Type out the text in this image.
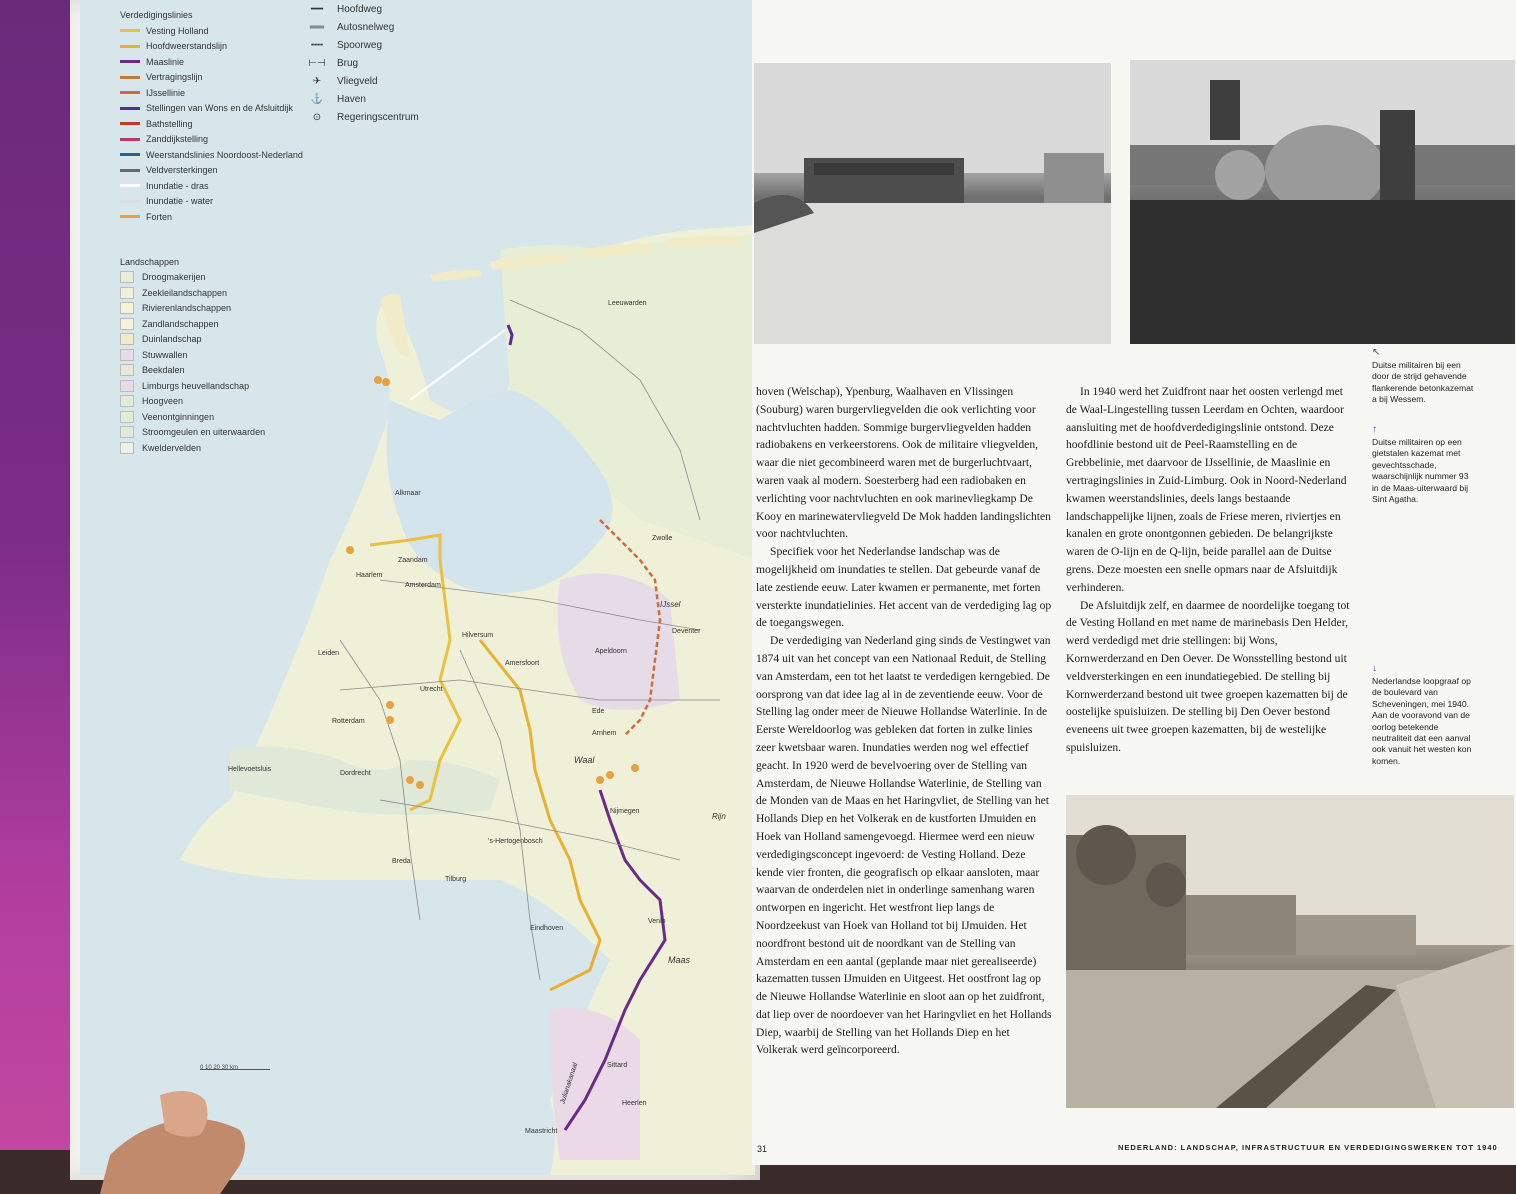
Verdedigingslinies
Vesting Holland
Hoofdweerstandslijn
Maaslinie
Vertragingslijn
IJssellinie
Stellingen van Wons en de Afsluitdijk
Bathstelling
Zanddijkstelling
Weerstandslinies Noordoost-Nederland
Veldversterkingen
Inundatie - dras
Inundatie - water
Forten
Landschappen
Droogmakerijen
Zeekleilandschappen
Rivierenlandschappen
Zandlandschappen
Duinlandschap
Stuwwallen
Beekdalen
Limburgs heuvellandschap
Hoogveen
Veenontginningen
Stroomgeulen en uiterwaarden
Kweldervelden
━━	Hoofdweg
══	Autosnelweg
╍╍	Spoorweg
⊢⊣	Brug
✈	Vliegveld
⚓	Haven
⊙	Regeringscentrum
Leeuwarden
Alkmaar
Zaandam
Amsterdam
Haarlem
Hilversum
Amersfoort
Apeldoorn
Deventer
Zwolle
Leiden
Utrecht
Rotterdam
Dordrecht
Ede
Arnhem
Nijmegen
Breda
Tilburg
's-Hertogenbosch
Eindhoven
Venlo
Sittard
Heerlen
Maastricht
Hellevoetsluis
Waal
Maas
IJssel
Rijn
Julianakanaal
0 10 20 30 km

hoven (Welschap), Ypenburg, Waalhaven en Vlissingen (Souburg) waren burgervliegvelden die ook verlichting voor nachtvluchten hadden. Sommige burgervliegvelden hadden radiobakens en verkeerstorens. Ook de militaire vliegvelden, waar die niet gecombineerd waren met de burgerluchtvaart, waren vaak al modern. Soesterberg had een radiobaken en verlichting voor nachtvluchten en ook marinevliegkamp De Kooy en marinewatervliegveld De Mok hadden landingslichten voor nachtvluchten.

Specifiek voor het Nederlandse landschap was de mogelijkheid om inundaties te stellen. Dat gebeurde vanaf de late zestiende eeuw. Later kwamen er permanente, met forten versterkte inundatielinies. Het accent van de verdediging lag op de toegangswegen.

De verdediging van Nederland ging sinds de Vestingwet van 1874 uit van het concept van een Nationaal Reduit, de Stelling van Amsterdam, een tot het laatst te verdedigen kerngebied. De oorsprong van dat idee lag al in de zeventiende eeuw. Voor de Stelling lag onder meer de Nieuwe Hollandse Waterlinie. In de Eerste Wereldoorlog was gebleken dat forten in zulke linies zeer kwetsbaar waren. Inundaties werden nog wel effectief geacht. In 1920 werd de bevelvoering over de Stelling van Amsterdam, de Nieuwe Hollandse Waterlinie, de Stelling van de Monden van de Maas en het Haringvliet, de Stelling van het Hollands Diep en het Volkerak en de kustforten IJmuiden en Hoek van Holland samengevoegd. Hiermee werd een nieuw verdedigingsconcept ingevoerd: de Vesting Holland. Deze kende vier fronten, die geografisch op elkaar aansloten, maar waarvan de onderdelen niet in onderlinge samenhang waren ontworpen en ingericht. Het westfront liep langs de Noordzeekust van Hoek van Holland tot bij IJmuiden. Het noordfront bestond uit de noordkant van de Stelling van Amsterdam en een aantal (geplande maar niet gerealiseerde) kazematten tussen IJmuiden en Uitgeest. Het oostfront lag op de Nieuwe Hollandse Waterlinie en sloot aan op het zuidfront, dat liep over de noordoever van het Haringvliet en het Hollands Diep, waarbij de Stelling van het Hollands Diep en het Volkerak werd geïncorporeerd.

In 1940 werd het Zuidfront naar het oosten verlengd met de Waal-Lingestelling tussen Leerdam en Ochten, waardoor aansluiting met de hoofdverdedigingslinie ontstond. Deze hoofdlinie bestond uit de Peel-Raamstelling en de Grebbelinie, met daarvoor de IJssellinie, de Maaslinie en vertragingslinies in Zuid-Limburg. Ook in Noord-Nederland kwamen weerstandslinies, deels langs bestaande landschappelijke lijnen, zoals de Friese meren, riviertjes en kanalen en grote onontgonnen gebieden. De belangrijkste waren de O-lijn en de Q-lijn, beide parallel aan de Duitse grens. Deze moesten een snelle opmars naar de Afsluitdijk verhinderen.

De Afsluitdijk zelf, en daarmee de noordelijke toegang tot de Vesting Holland en met name de marinebasis Den Helder, werd verdedigd met drie stellingen: bij Wons, Kornwerderzand en Den Oever. De Wonsstelling bestond uit veldversterkingen en een inundatiegebied. De stelling bij Kornwerderzand bestond uit twee groepen kazematten bij de oostelijke spuisluizen. De stelling bij Den Oever bestond eveneens uit twee groepen kazematten, bij de westelijke spuisluizen.

↖
Duitse militairen bij een door de strijd gehavende flankerende betonkazemat a bij Wessem.
↑
Duitse militairen op een gietstalen kazemat met gevechtsschade, waarschijnlijk nummer 93 in de Maas-uiterwaard bij Sint Agatha.
↓
Nederlandse loopgraaf op de boulevard van Scheveningen, mei 1940. Aan de vooravond van de oorlog betekende neutraliteit dat een aanval ook vanuit het westen kon komen.
31	NEDERLAND: LANDSCHAP, INFRASTRUCTUUR EN VERDEDIGINGSWERKEN TOT 1940
